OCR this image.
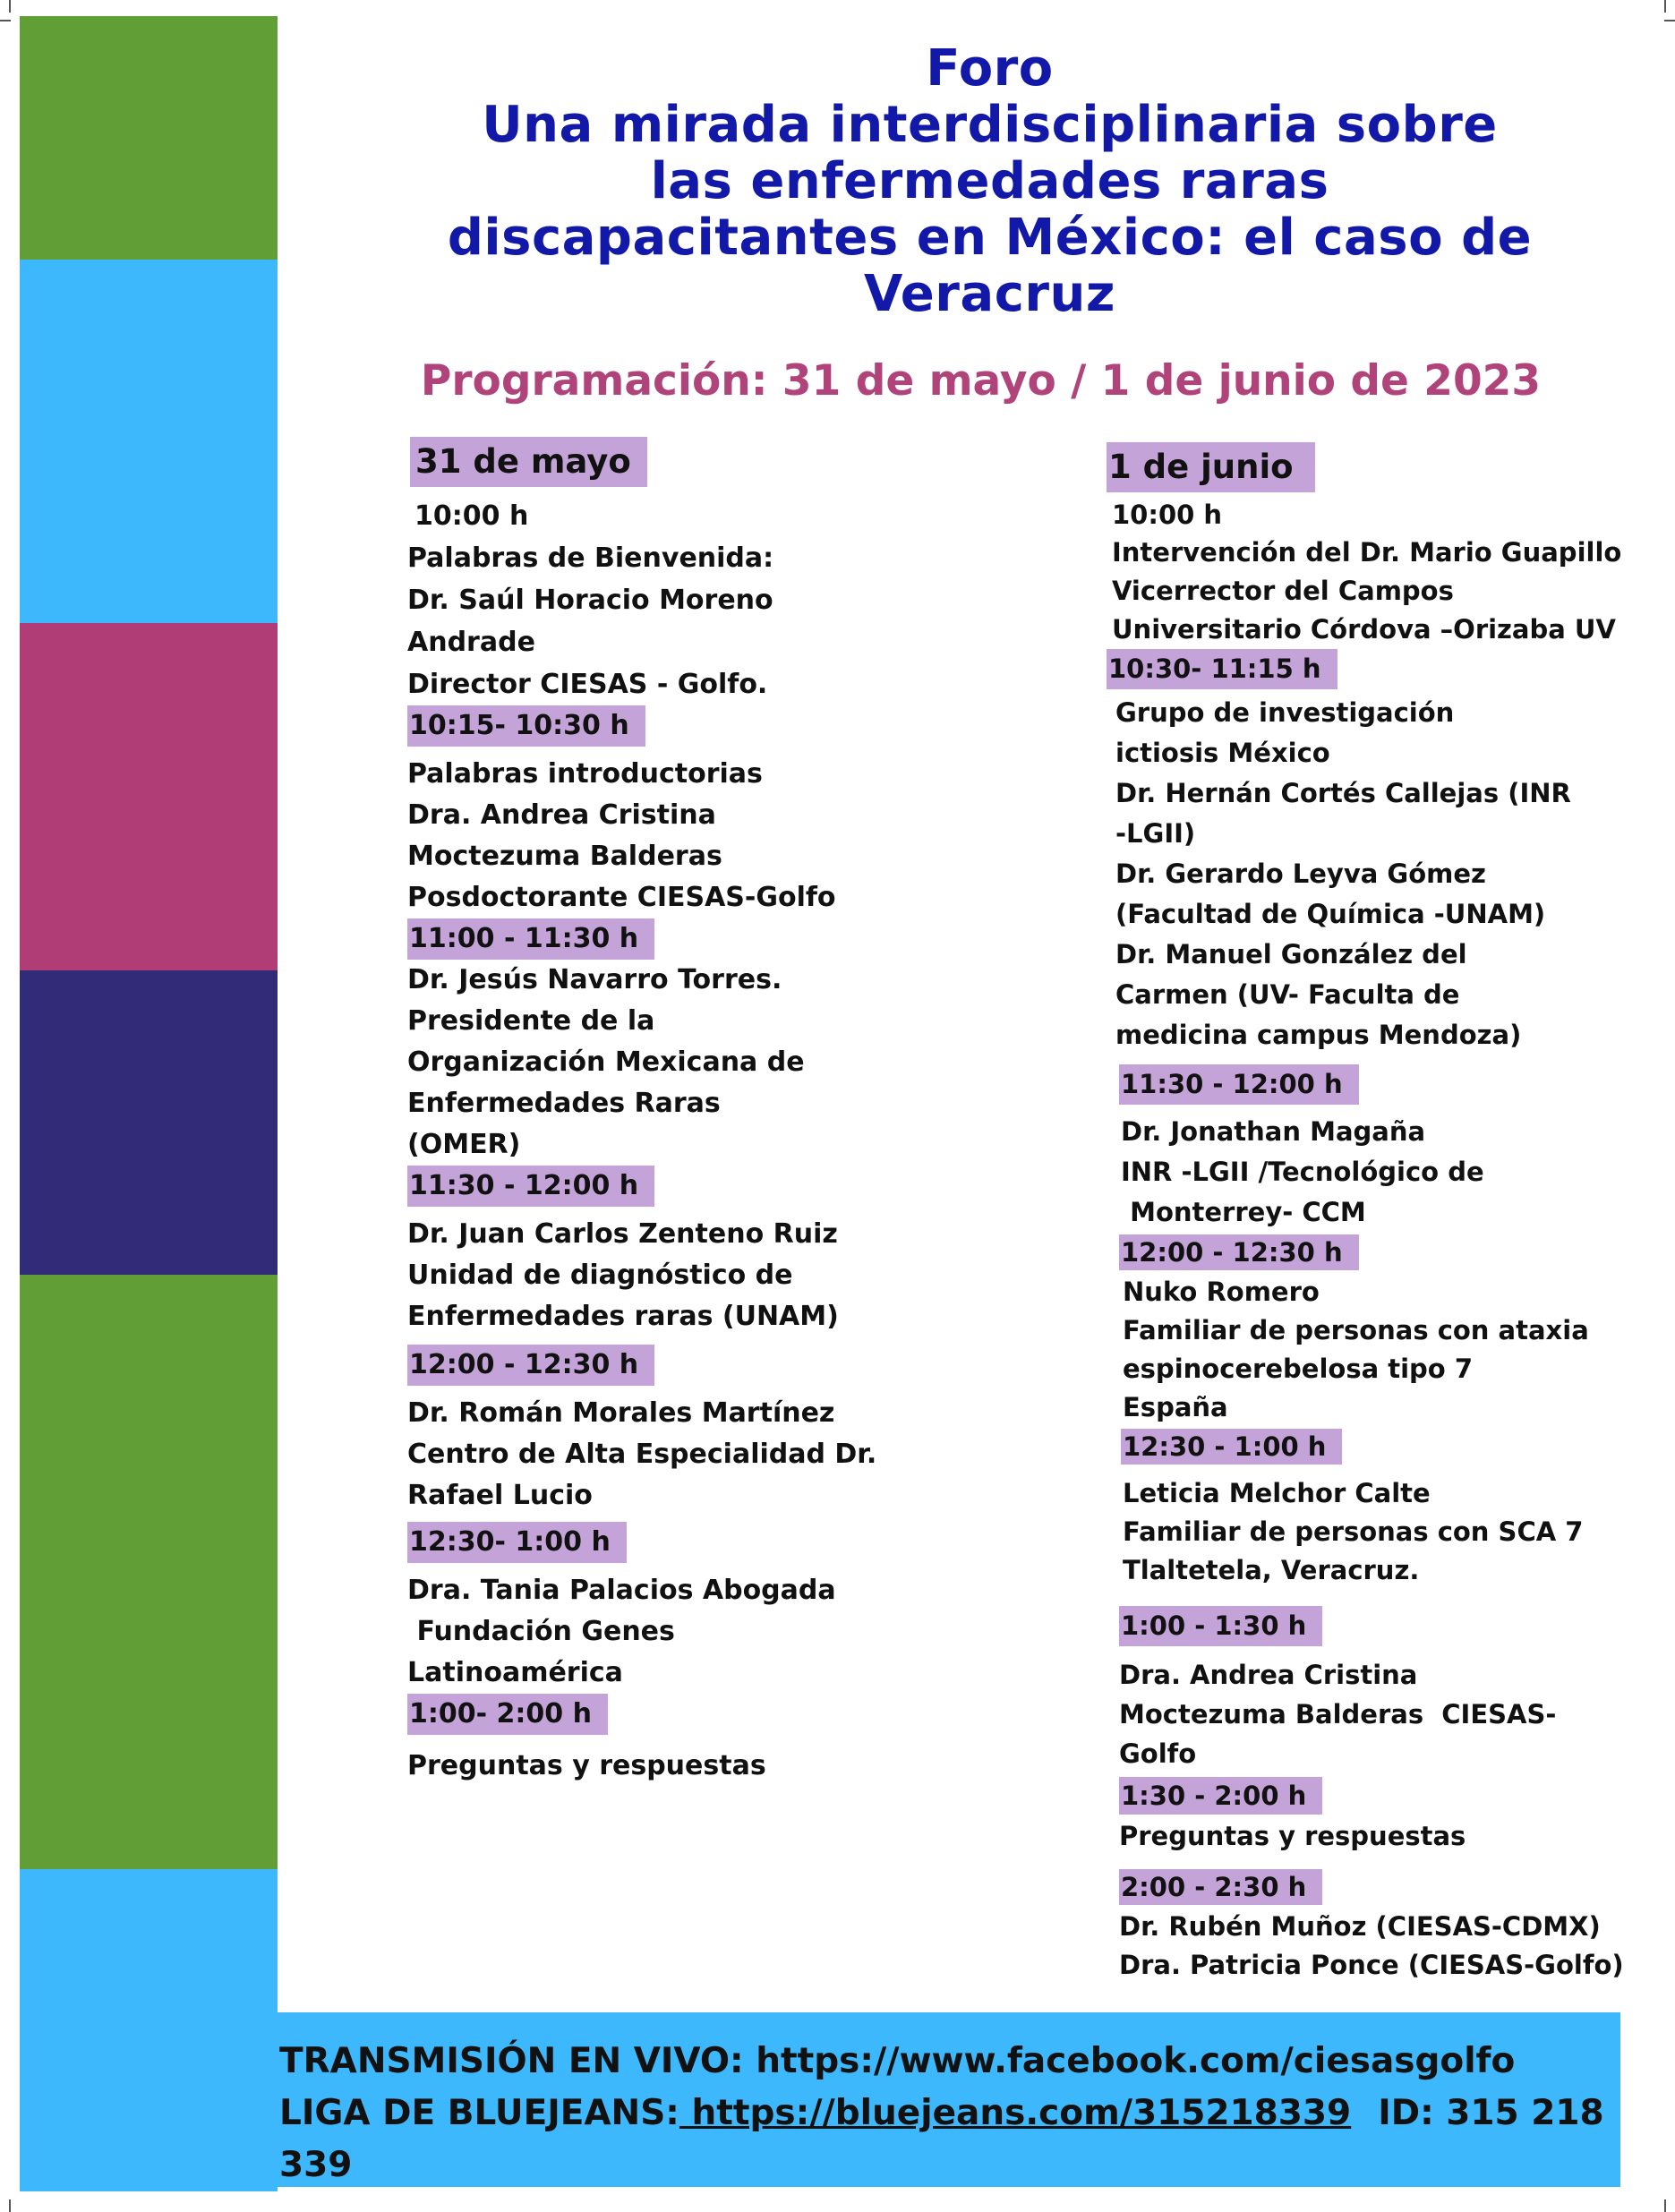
Foro
Una mirada interdisciplinaria sobre
las enfermedades raras
discapacitantes en México: el caso de
Veracruz
Programación: 31 de mayo / 1 de junio de 2023
31 de mayo
10:00 h
Palabras de Bienvenida:
Dr. Saúl Horacio Moreno
Andrade
Director CIESAS - Golfo.
10:15- 10:30 h
Palabras introductorias
Dra. Andrea Cristina
Moctezuma Balderas
Posdoctorante CIESAS-Golfo
11:00 - 11:30 h
Dr. Jesús Navarro Torres.
Presidente de la
Organización Mexicana de
Enfermedades Raras
(OMER)
11:30 - 12:00 h
Dr. Juan Carlos Zenteno Ruiz
Unidad de diagnóstico de
Enfermedades raras (UNAM)
12:00 - 12:30 h
Dr. Román Morales Martínez
Centro de Alta Especialidad Dr.
Rafael Lucio
12:30- 1:00 h
Dra. Tania Palacios Abogada
Fundación Genes
Latinoamérica
1:00- 2:00 h
Preguntas y respuestas
1 de junio
10:00 h
Intervención del Dr. Mario Guapillo
Vicerrector del Campos
Universitario Córdova –Orizaba UV
10:30- 11:15 h
Grupo de investigación
ictiosis México
Dr. Hernán Cortés Callejas (INR
-LGII)
Dr. Gerardo Leyva Gómez
(Facultad de Química -UNAM)
Dr. Manuel González del
Carmen (UV- Faculta de
medicina campus Mendoza)
11:30 - 12:00 h
Dr. Jonathan Magaña
INR -LGII /Tecnológico de
Monterrey- CCM
12:00 - 12:30 h
Nuko Romero
Familiar de personas con ataxia
espinocerebelosa tipo 7
España
12:30 - 1:00 h
Leticia Melchor Calte
Familiar de personas con SCA 7
Tlaltetela, Veracruz.
1:00 - 1:30 h
Dra. Andrea Cristina
Moctezuma Balderas  CIESAS-
Golfo
1:30 - 2:00 h
Preguntas y respuestas
2:00 - 2:30 h
Dr. Rubén Muñoz (CIESAS-CDMX)
Dra. Patricia Ponce (CIESAS-Golfo)
TRANSMISIÓN EN VIVO: https://www.facebook.com/ciesasgolfo
LIGA DE BLUEJEANS: https://bluejeans.com/315218339 ID: 315 218 339
